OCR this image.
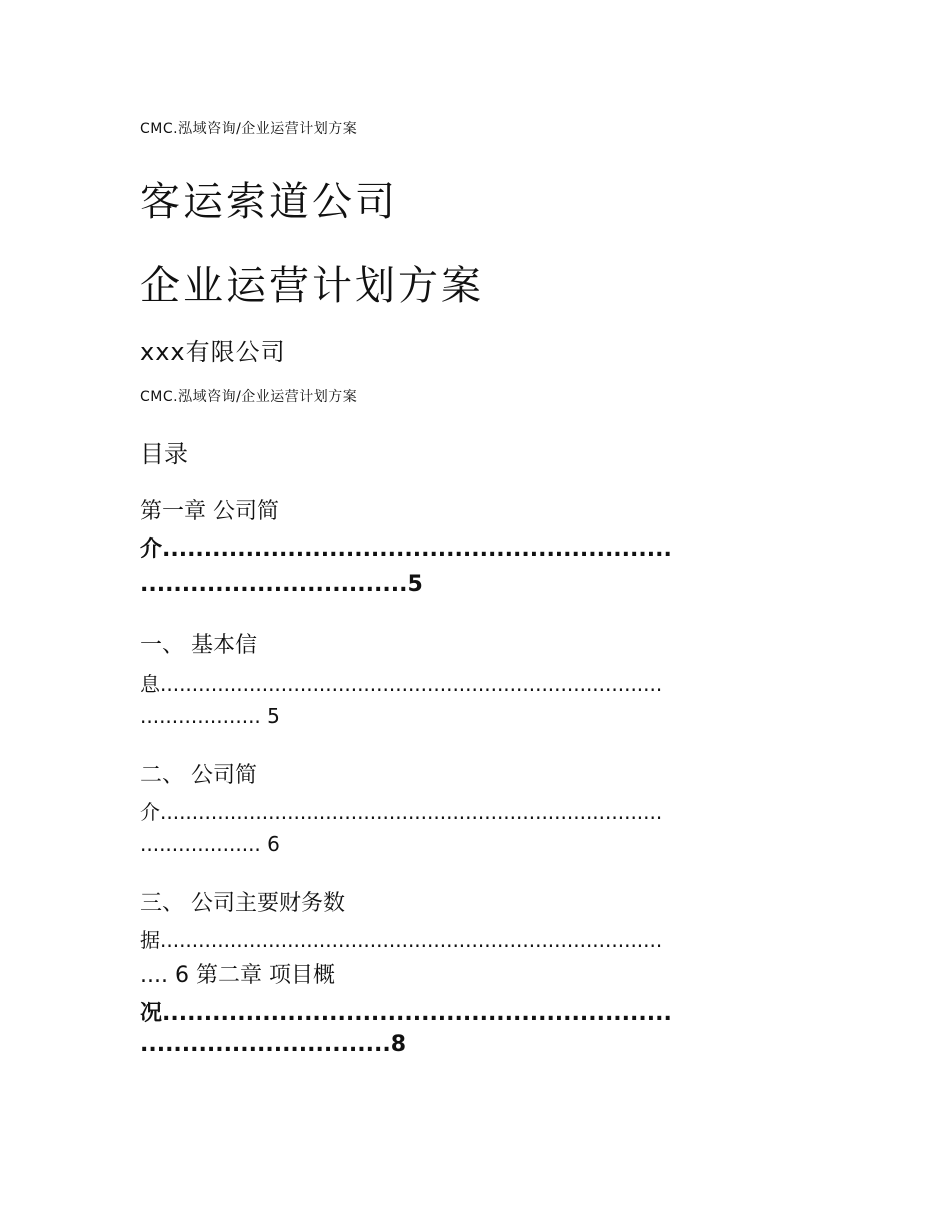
CMC.泓域咨询/企业运营计划方案
客运索道公司
企业运营计划方案
xxx有限公司
CMC.泓域咨询/企业运营计划方案
目录
第一章 公司简
介.............................................................
................................5
一、 基本信
息...............................................................................
................... 5
二、 公司简
介...............................................................................
................... 6
三、 公司主要财务数
据...............................................................................
.... 6 第二章 项目概
况.............................................................
..............................8
